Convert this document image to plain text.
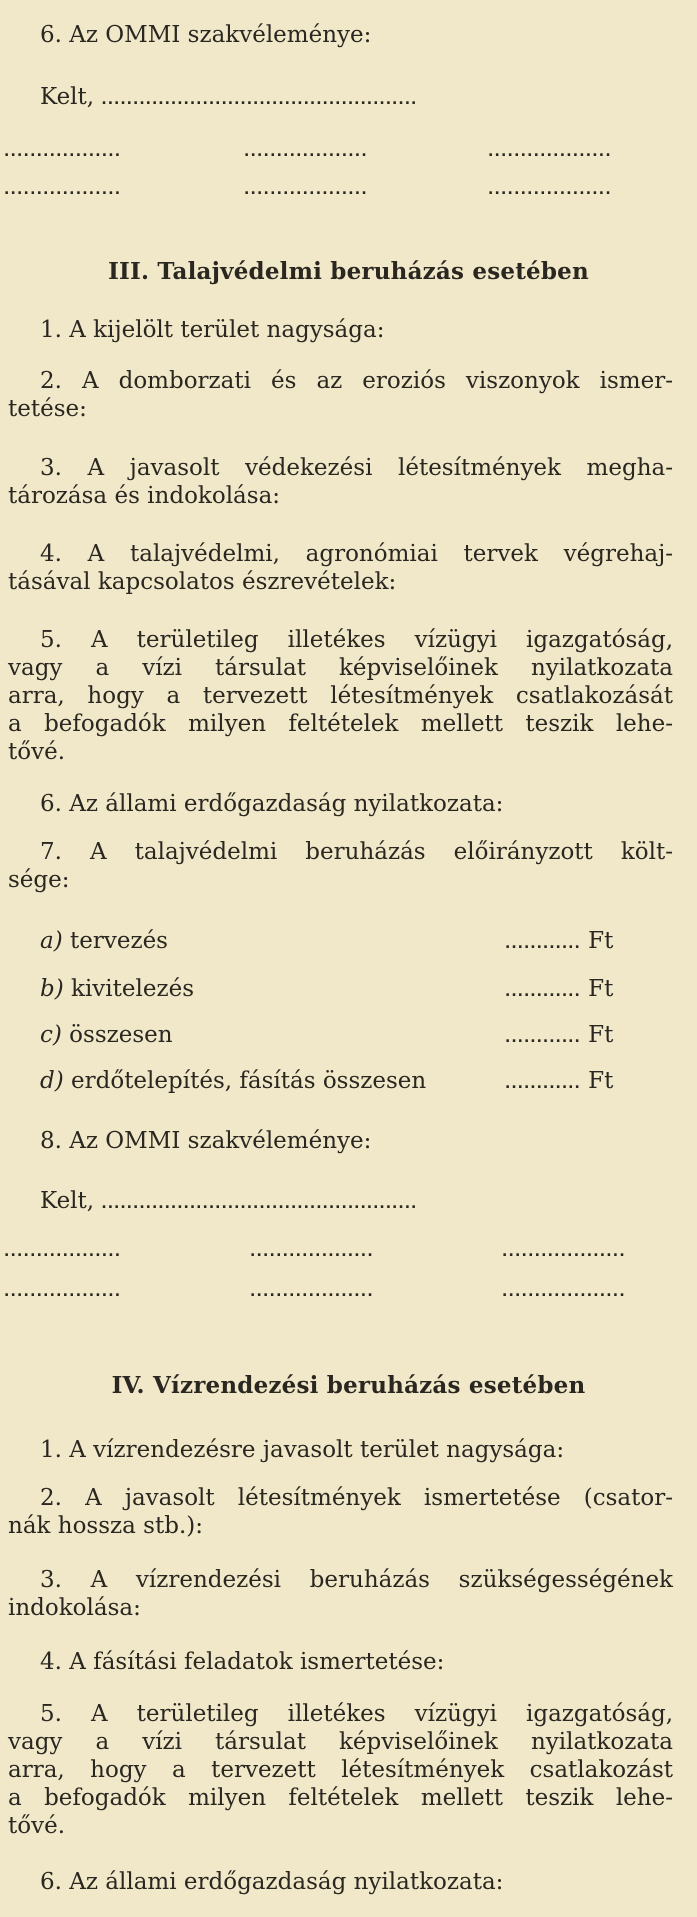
6. Az OMMI szakvéleménye:
Kelt, ..................................................
..................	...................	...................
..................	...................	...................
III. Talajvédelmi beruházás esetében
1. A kijelölt terület nagysága:
2. A domborzati és az eroziós viszonyok ismer-
tetése:
3. A javasolt védekezési létesítmények megha-
tározása és indokolása:
4. A talajvédelmi, agronómiai tervek végrehaj-
tásával kapcsolatos észrevételek:
5. A területileg illetékes vízügyi igazgatóság,
vagy a vízi társulat képviselőinek nyilatkozata
arra, hogy a tervezett létesítmények csatlakozását
a befogadók milyen feltételek mellett teszik lehe-
tővé.
6. Az állami erdőgazdaság nyilatkozata:
7. A talajvédelmi beruházás előirányzott költ-
sége:
a) tervezés	............ Ft
b) kivitelezés	............ Ft
c) összesen	............ Ft
d) erdőtelepítés, fásítás összesen	............ Ft
8. Az OMMI szakvéleménye:
Kelt, ..................................................
..................	...................	...................
..................	...................	...................
IV. Vízrendezési beruházás esetében
1. A vízrendezésre javasolt terület nagysága:
2. A javasolt létesítmények ismertetése (csator-
nák hossza stb.):
3. A vízrendezési beruházás szükségességének
indokolása:
4. A fásítási feladatok ismertetése:
5. A területileg illetékes vízügyi igazgatóság,
vagy a vízi társulat képviselőinek nyilatkozata
arra, hogy a tervezett létesítmények csatlakozást
a befogadók milyen feltételek mellett teszik lehe-
tővé.
6. Az állami erdőgazdaság nyilatkozata:
